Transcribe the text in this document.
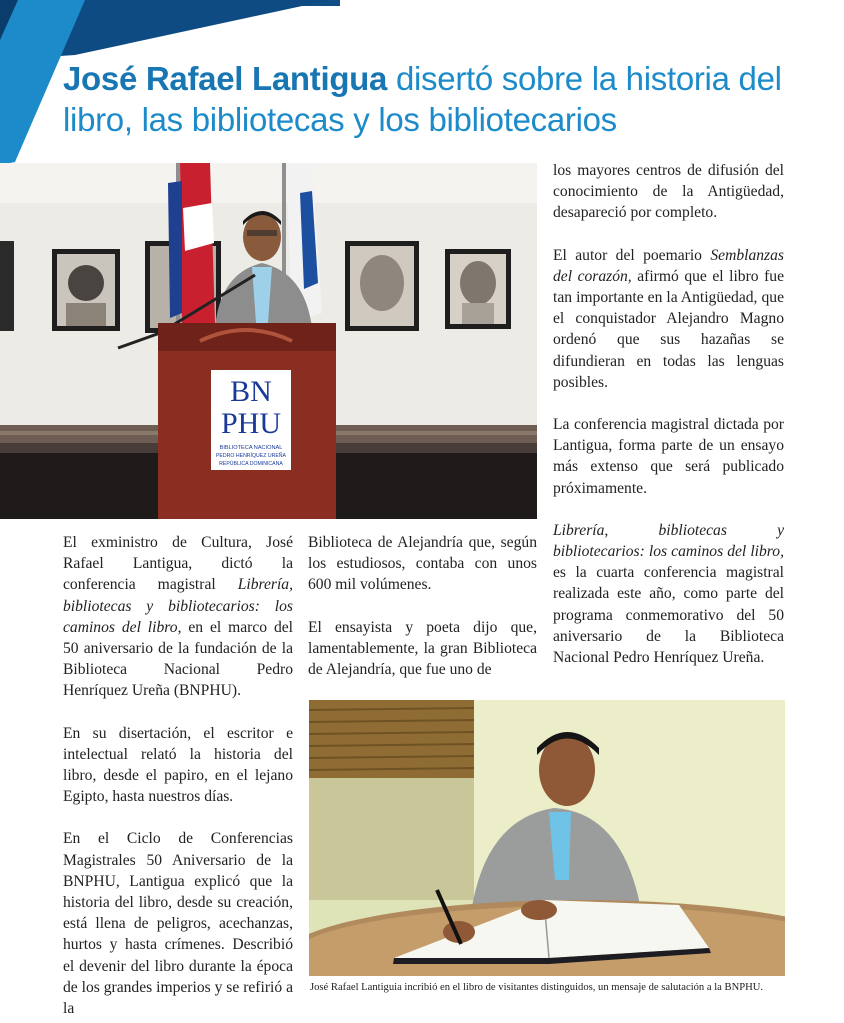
José Rafael Lantigua disertó sobre la historia del libro, las bibliotecas y los bibliotecarios
BN
PHU
BIBLIOTECA NACIONAL
PEDRO HENRÍQUEZ UREÑA
REPÚBLICA DOMINICANA

El exministro de Cultura, José Rafael Lantigua, dictó la conferencia magistral Librería, bibliotecas y bibliotecarios: los caminos del libro, en el marco del 50 aniversario de la fundación de la Biblioteca Nacional Pedro Henríquez Ureña (BNPHU).

En su disertación, el escritor e intelectual relató la historia del libro, desde el papiro, en el lejano Egipto, hasta nuestros días.

En el Ciclo de Conferencias Magistrales 50 Aniversario de la BNPHU, Lantigua explicó que la historia del libro, desde su creación, está llena de peligros, acechanzas, hurtos y hasta crímenes. Describió el devenir del libro durante la época de los grandes imperios y se refirió a la

Biblioteca de Alejandría que, según los estudiosos, contaba con unos 600 mil volúmenes.

El ensayista y poeta dijo que, lamentablemente, la gran Biblioteca de Alejandría, que fue uno de

los mayores centros de difusión del conocimiento de la Antigüedad, desapareció por completo.

El autor del poemario Semblanzas del corazón, afirmó que el libro fue tan importante en la Antigüedad, que el conquistador Alejandro Magno ordenó que sus hazañas se difundieran en todas las lenguas posibles.

La conferencia magistral dictada por Lantigua, forma parte de un ensayo más extenso que será publicado próximamente.

Librería, bibliotecas y bibliotecarios: los caminos del libro, es la cuarta conferencia magistral realizada este año, como parte del programa conmemorativo del 50 aniversario de la Biblioteca Nacional Pedro Henríquez Ureña.

José Rafael Lantiguia incribió en el libro de visitantes distinguidos, un mensaje de salutación a la BNPHU.
